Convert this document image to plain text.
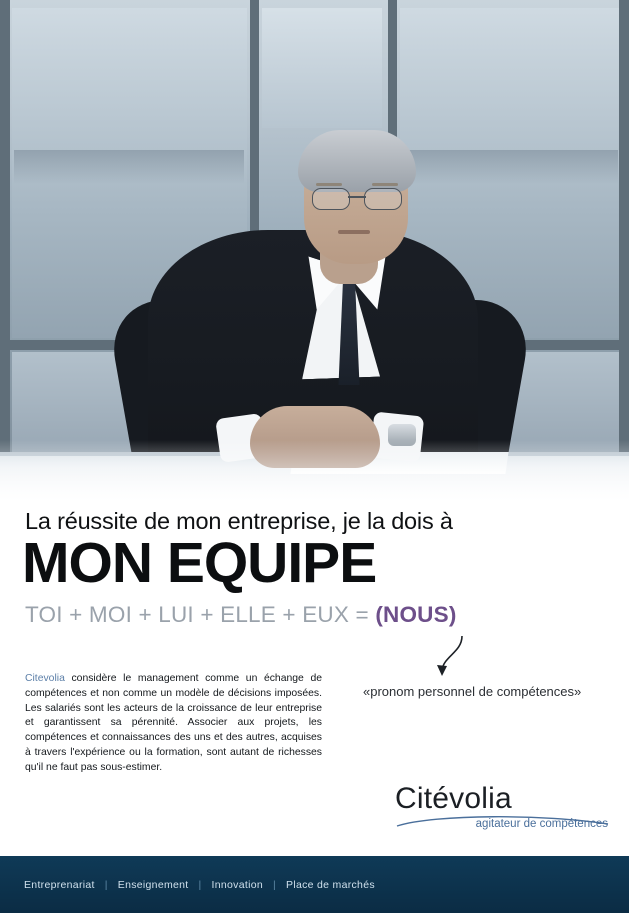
La réussite de mon entreprise, je la dois à
MON EQUIPE
TOI + MOI + LUI + ELLE + EUX = (NOUS)
«pronom personnel de compétences»
Citevolia considère le management comme un échange de compétences et non comme un modèle de décisions imposées. Les salariés sont les acteurs de la croissance de leur entreprise et garantissent sa pérennité. Associer aux projets, les compétences et connaissances des uns et des autres, acquises à travers l'expérience ou la formation, sont autant de richesses qu'il ne faut pas sous-estimer.
Citévolia
agitateur de compétences
Entreprenariat | Enseignement | Innovation | Place de marchés
